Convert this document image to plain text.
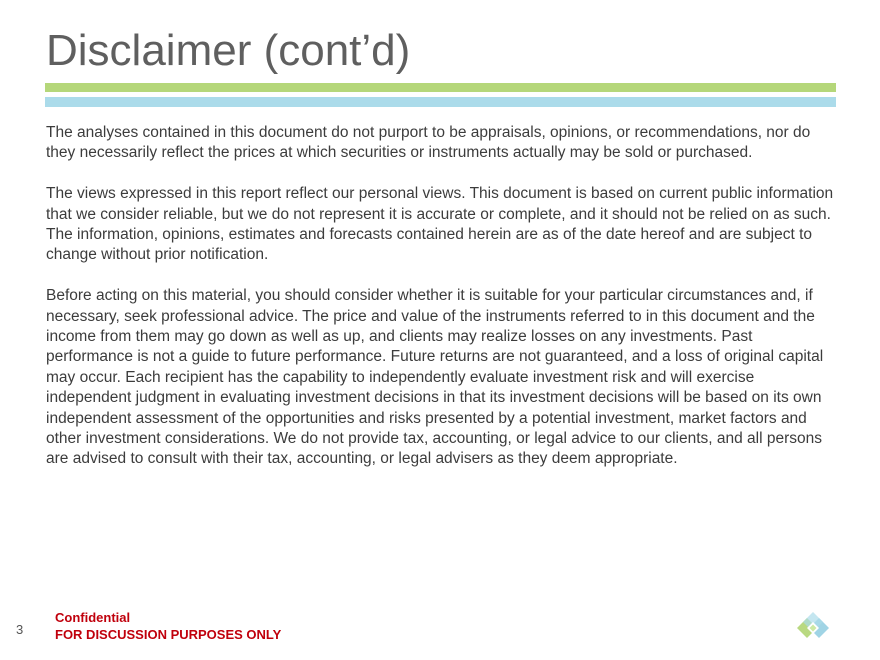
Disclaimer (cont’d)

The analyses contained in this document do not purport to be appraisals, opinions, or recommendations, nor do they necessarily reflect the prices at which securities or instruments actually may be sold or purchased.

The views expressed in this report reflect our personal views. This document is based on current public information that we consider reliable, but we do not represent it is accurate or complete, and it should not be relied on as such. The information, opinions, estimates and forecasts contained herein are as of the date hereof and are subject to change without prior notification.

Before acting on this material, you should consider whether it is suitable for your particular circumstances and, if necessary, seek professional advice. The price and value of the instruments referred to in this document and the income from them may go down as well as up, and clients may realize losses on any investments. Past performance is not a guide to future performance. Future returns are not guaranteed, and a loss of original capital may occur. Each recipient has the capability to independently evaluate investment risk and will exercise independent judgment in evaluating investment decisions in that its investment decisions will be based on its own independent assessment of the opportunities and risks presented by a potential investment, market factors and other investment considerations. We do not provide tax, accounting, or legal advice to our clients, and all persons are advised to consult with their tax, accounting, or legal advisers as they deem appropriate.

3
Confidential
FOR DISCUSSION PURPOSES ONLY
